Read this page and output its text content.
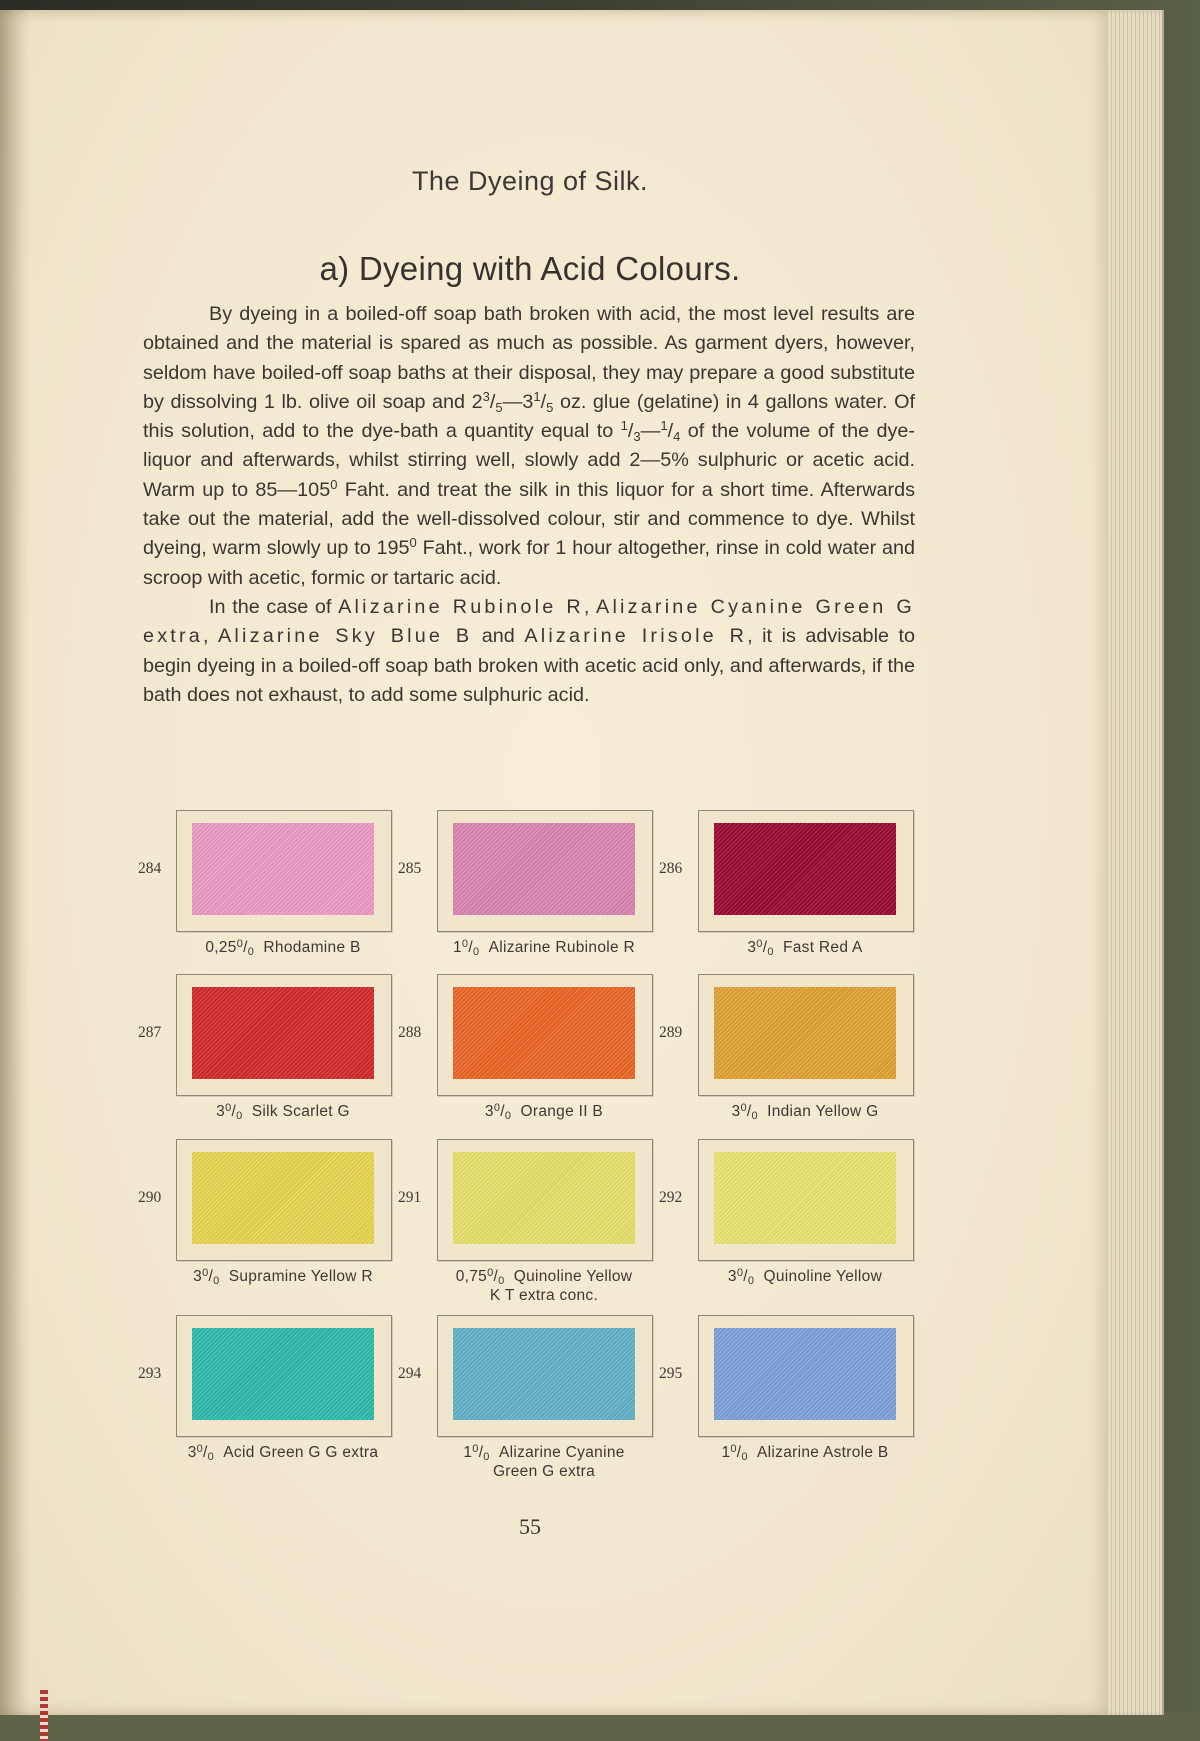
The Dyeing of Silk.
a) Dyeing with Acid Colours.

By dyeing in a boiled-off soap bath broken with acid, the most level results are obtained and the material is spared as much as possible. As garment dyers, however, seldom have boiled-off soap baths at their disposal, they may prepare a good substitute by dissolving 1 lb. olive oil soap and $2^3/_5—3^1/_5$ oz. glue (gelatine) in 4 gallons water. Of this solution, add to the dye-bath a quantity equal to $^1/_3—^1/_4$ of the volume of the dye-liquor and afterwards, whilst stirring well, slowly add 2—5% sulphuric or acetic acid. Warm up to $85—105^0$ Faht. and treat the silk in this liquor for a short time. Afterwards take out the material, add the well-dissolved colour, stir and commence to dye. Whilst dyeing, warm slowly up to $195^0$ Faht., work for 1 hour altogether, rinse in cold water and scroop with acetic, formic or tartaric acid.

In the case of Alizarine Rubinole R, Alizarine Cyanine Green G extra, Alizarine Sky Blue B and Alizarine Irisole R, it is advisable to begin dyeing in a boiled-off soap bath broken with acetic acid only, and afterwards, if the bath does not exhaust, to add some sulphuric acid.

284
$0,25^0/_0$ Rhodamine B
285
$1^0/_0$ Alizarine Rubinole R
286
$3^0/_0$ Fast Red A
287
$3^0/_0$ Silk Scarlet G
288
$3^0/_0$ Orange II B
289
$3^0/_0$ Indian Yellow G
290
$3^0/_0$ Supramine Yellow R
291
$0,75^0/_0$ Quinoline Yellow
K T extra conc.
292
$3^0/_0$ Quinoline Yellow
293
$3^0/_0$ Acid Green G G extra
294
$1^0/_0$ Alizarine Cyanine
Green G extra
295
$1^0/_0$ Alizarine Astrole B
55
